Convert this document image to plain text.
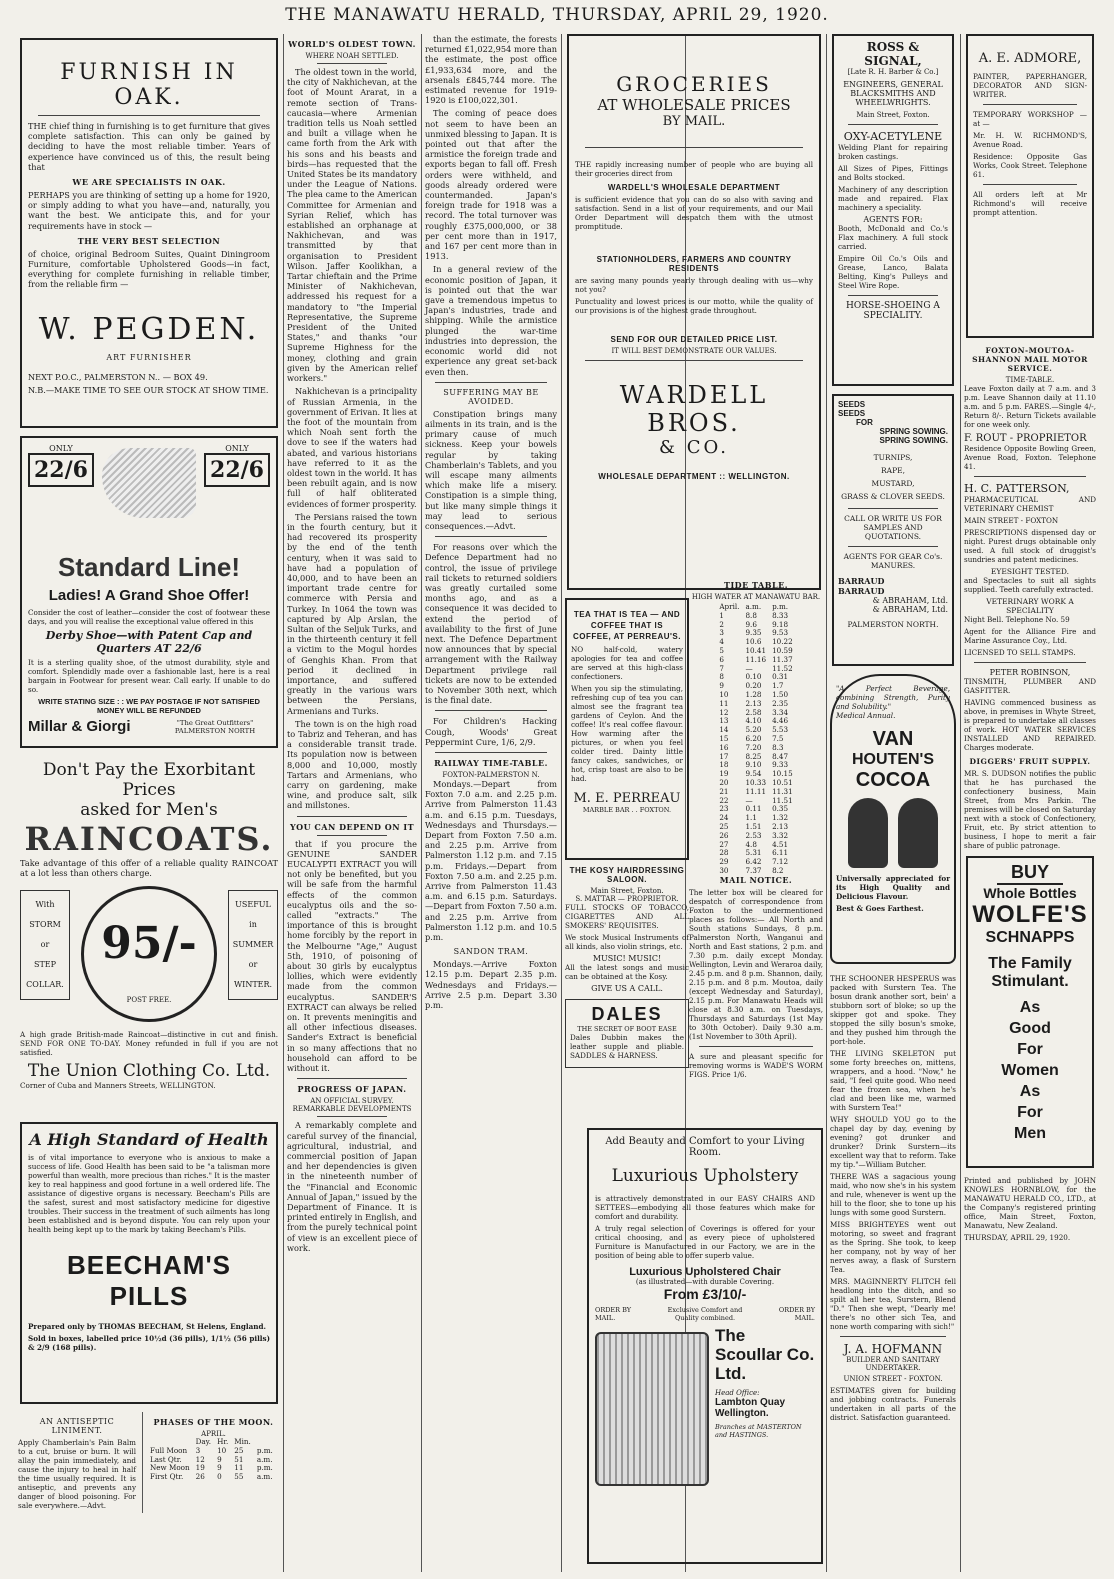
THE MANAWATU HERALD, THURSDAY, APRIL 29, 1920.
FURNISH IN OAK.

THE chief thing in furnishing is to get furniture that gives complete satisfaction. This can only be gained by deciding to have the most reliable timber. Years of experience have convinced us of this, the result being that

WE ARE SPECIALISTS IN OAK.

PERHAPS you are thinking of setting up a home for 1920, or simply adding to what you have—and, naturally, you want the best. We anticipate this, and for your requirements have in stock —

THE VERY BEST SELECTION

of choice, original Bedroom Suites, Quaint Diningroom Furniture, comfortable Upholstered Goods—in fact, everything for complete furnishing in reliable timber, from the reliable firm —

W. PEGDEN.
ART FURNISHER

NEXT P.O.C., PALMERSTON N.. — BOX 49.

N.B.—MAKE TIME TO SEE OUR STOCK AT SHOW TIME.

ONLY
22/6
ONLY
22/6
Standard Line!
Ladies! A Grand Shoe Offer!

Consider the cost of leather—consider the cost of footwear these days, and you will realise the exceptional value offered in this

Derby Shoe—with Patent Cap and Quarters AT 22/6

It is a sterling quality shoe, of the utmost durability, style and comfort. Splendidly made over a fashionable last, here is a real bargain in Footwear for present wear. Call early. If unable to do so.

WRITE STATING SIZE : : WE PAY POSTAGE IF NOT SATISFIED MONEY WILL BE REFUNDED

Millar & Giorgi	"The Great Outfitters" PALMERSTON NORTH
Don't Pay the Exorbitant Prices
asked for Men's
RAINCOATS.

Take advantage of this offer of a reliable quality RAINCOAT at a lot less than others charge.

With
STORM
or
STEP
COLLAR.
95/-
POST FREE.
USEFUL
in
SUMMER
or
WINTER.

A high grade British-made Raincoat—distinctive in cut and finish. SEND FOR ONE TO-DAY. Money refunded in full if you are not satisfied.

The Union Clothing Co. Ltd.

Corner of Cuba and Manners Streets, WELLINGTON.

A High Standard of Health

is of vital importance to everyone who is anxious to make a success of life. Good Health has been said to be "a talisman more powerful than wealth, more precious than riches." It is the master key to real happiness and good fortune in a well ordered life. The assistance of digestive organs is necessary. Beecham's Pills are the safest, surest and most satisfactory medicine for digestive troubles. Their success in the treatment of such ailments has long been established and is beyond dispute. You can rely upon your health being kept up to the mark by taking Beecham's Pills.

BEECHAM'S PILLS

Prepared only by THOMAS BEECHAM, St Helens, England.

Sold in boxes, labelled price 10½d (36 pills), 1/1½ (56 pills) & 2/9 (168 pills).

AN ANTISEPTIC LINIMENT.

Apply Chamberlain's Pain Balm to a cut, bruise or burn. It will allay the pain immediately, and cause the injury to heal in half the time usually required. It is antiseptic, and prevents any danger of blood poisoning. For sale everywhere.—Advt.

PHASES OF THE MOON.
APRIL.
	Day.	Hr.	Min.	
Full Moon	3	10	25	p.m.
Last Qtr.	12	9	51	a.m.
New Moon	19	9	11	p.m.
First Qtr.	26	0	55	a.m.
WORLD'S OLDEST TOWN.
WHERE NOAH SETTLED.

The oldest town in the world, the city of Nakhichevan, at the foot of Mount Ararat, in a remote section of Trans-caucasia—where Armenian tradition tells us Noah settled and built a village when he came forth from the Ark with his sons and his beasts and birds—has requested that the United States be its mandatory under the League of Nations. The plea came to the American Committee for Armenian and Syrian Relief, which has established an orphanage at Nakhichevan, and was transmitted by that organisation to President Wilson. Jaffer Koolikhan, a Tartar chieftain and the Prime Minister of Nakhichevan, addressed his request for a mandatory to "the Imperial Representative, the Supreme President of the United States," and thanks "our Supreme Highness for the money, clothing and grain given by the American relief workers."

Nakhichevan is a principality of Russian Armenia, in the government of Erivan. It lies at the foot of the mountain from which Noah sent forth the dove to see if the waters had abated, and various historians have referred to it as the oldest town in the world. It has been rebuilt again, and is now full of half obliterated evidences of former prosperity.

The Persians raised the town in the fourth century, but it had recovered its prosperity by the end of the tenth century, when it was said to have had a population of 40,000, and to have been an important trade centre for commerce with Persia and Turkey. In 1064 the town was captured by Alp Arslan, the Sultan of the Seljuk Turks, and in the thirteenth century it fell a victim to the Mogul hordes of Genghis Khan. From that period it declined in importance, and suffered greatly in the various wars between the Persians, Armenians and Turks.

The town is on the high road to Tabriz and Teheran, and has a considerable transit trade. Its population now is between 8,000 and 10,000, mostly Tartars and Armenians, who carry on gardening, make wine, and produce salt, silk and millstones.

YOU CAN DEPEND ON IT

that if you procure the GENUINE SANDER EUCALYPTI EXTRACT you will not only be benefited, but you will be safe from the harmful effects of the common eucalyptus oils and the so-called "extracts." The importance of this is brought home forcibly by the report in the Melbourne "Age," August 5th, 1910, of poisoning of about 30 girls by eucalyptus lollies, which were evidently made from the common eucalyptus. SANDER'S EXTRACT can always be relied on. It prevents meningitis and all other infectious diseases. Sander's Extract is beneficial in so many affections that no household can afford to be without it.

PROGRESS OF JAPAN.
AN OFFICIAL SURVEY.
REMARKABLE DEVELOPMENTS

A remarkably complete and careful survey of the financial, agricultural, industrial, and commercial position of Japan and her dependencies is given in the nineteenth number of the "Financial and Economic Annual of Japan," issued by the Department of Finance. It is printed entirely in English, and from the purely technical point of view is an excellent piece of work.

than the estimate, the forests returned £1,022,954 more than the estimate, the post office £1,933,634 more, and the arsenals £845,744 more. The estimated revenue for 1919-1920 is £100,022,301.

The coming of peace does not seem to have been an unmixed blessing to Japan. It is pointed out that after the armistice the foreign trade and exports began to fall off. Fresh orders were withheld, and goods already ordered were countermanded. Japan's foreign trade for 1918 was a record. The total turnover was roughly £375,000,000, or 38 per cent more than in 1917, and 167 per cent more than in 1913.

In a general review of the economic position of Japan, it is pointed out that the war gave a tremendous impetus to Japan's industries, trade and shipping. While the armistice plunged the war-time industries into depression, the economic world did not experience any great set-back even then.

SUFFERING MAY BE AVOIDED.

Constipation brings many ailments in its train, and is the primary cause of much sickness. Keep your bowels regular by taking Chamberlain's Tablets, and you will escape many ailments which make life a misery. Constipation is a simple thing, but like many simple things it may lead to serious consequences.—Advt.

For reasons over which the Defence Department had no control, the issue of privilege rail tickets to returned soldiers was greatly curtailed some months ago, and as a consequence it was decided to extend the period of availability to the first of June next. The Defence Department now announces that by special arrangement with the Railway Department privilege rail tickets are now to be extended to November 30th next, which is the final date.

For Children's Hacking Cough, Woods' Great Peppermint Cure, 1/6, 2/9.

RAILWAY TIME-TABLE.
FOXTON-PALMERSTON N.

Mondays.—Depart from Foxton 7.0 a.m. and 2.25 p.m. Arrive from Palmerston 11.43 a.m. and 6.15 p.m. Tuesdays, Wednesdays and Thursdays.—Depart from Foxton 7.50 a.m. and 2.25 p.m. Arrive from Palmerston 1.12 p.m. and 7.15 p.m. Fridays.—Depart from Foxton 7.50 a.m. and 2.25 p.m. Arrive from Palmerston 11.43 a.m. and 6.15 p.m. Saturdays.—Depart from Foxton 7.50 a.m. and 2.25 p.m. Arrive from Palmerston 1.12 p.m. and 10.5 p.m.

SANDON TRAM.

Mondays.—Arrive Foxton 12.15 p.m. Depart 2.35 p.m. Wednesdays and Fridays.—Arrive 2.5 p.m. Depart 3.30 p.m.

GROCERIES
AT WHOLESALE PRICES
BY MAIL.

THE rapidly increasing number of people who are buying all their groceries direct from

WARDELL'S WHOLESALE DEPARTMENT

is sufficient evidence that you can do so also with saving and satisfaction. Send in a list of your requirements, and our Mail Order Department will despatch them with the utmost promptitude.

STATIONHOLDERS, FARMERS AND COUNTRY RESIDENTS

are saving many pounds yearly through dealing with us—why not you?

Punctuality and lowest prices is our motto, while the quality of our provisions is of the highest grade throughout.

SEND FOR OUR DETAILED PRICE LIST.
IT WILL BEST DEMONSTRATE OUR VALUES.
WARDELL BROS.
& CO.
WHOLESALE DEPARTMENT :: WELLINGTON.
TEA THAT IS TEA — AND COFFEE THAT IS COFFEE, AT PERREAU'S.

NO half-cold, watery apologies for tea and coffee are served at this high-class confectioners.

When you sip the stimulating, refreshing cup of tea you can almost see the fragrant tea gardens of Ceylon. And the coffee! It's real coffee flavour. How warming after the pictures, or when you feel colder tired. Dainty little fancy cakes, sandwiches, or hot, crisp toast are also to be had.

M. E. PERREAU
MARBLE BAR . . FOXTON.
THE KOSY HAIRDRESSING SALOON.
Main Street, Foxton.
S. MATTAR — PROPRIETOR.

FULL STOCKS OF TOBACCO, CIGARETTES AND ALL SMOKERS' REQUISITES.

We stock Musical Instruments of all kinds, also violin strings, etc.

MUSIC! MUSIC!

All the latest songs and music can be obtained at the Kosy.

GIVE US A CALL.
DALES
THE SECRET OF BOOT EASE

Dales Dubbin makes the leather supple and pliable. SADDLES & HARNESS.

TIDE TABLE.
HIGH WATER AT MANAWATU BAR.
April.	a.m.	p.m.
1	8.8	8.33
2	9.6	9.18
3	9.35	9.53
4	10.6	10.22
5	10.41	10.59
6	11.16	11.37
7	—	11.52
8	0.10	0.31
9	0.20	1.7
10	1.28	1.50
11	2.13	2.35
12	2.58	3.34
13	4.10	4.46
14	5.20	5.53
15	6.20	7.5
16	7.20	8.3
17	8.25	8.47
18	9.10	9.33
19	9.54	10.15
20	10.33	10.51
21	11.11	11.31
22	—	11.51
23	0.11	0.35
24	1.1	1.32
25	1.51	2.13
26	2.53	3.32
27	4.8	4.51
28	5.31	6.11
29	6.42	7.12
30	7.37	8.2
MAIL NOTICE.

The letter box will be cleared for despatch of correspondence from Foxton to the undermentioned places as follows:— All North and South stations Sundays, 8 p.m. Palmerston North, Wanganui and North and East stations, 2 p.m. and 7.30 p.m. daily except Monday. Wellington, Levin and Weraroa daily, 2.45 p.m. and 8 p.m. Shannon, daily, 2.15 p.m. and 8 p.m. Moutoa, daily (except Wednesday and Saturday), 2.15 p.m. For Manawatu Heads will close at 8.30 a.m. on Tuesdays, Thursdays and Saturdays (1st May to 30th October). Daily 9.30 a.m. (1st November to 30th April).

A sure and pleasant specific for removing worms is WADE'S WORM FIGS. Price 1/6.

Add Beauty and Comfort to your Living Room.
Luxurious Upholstery

is attractively demonstrated in our EASY CHAIRS AND SETTEES—embodying all those features which make for comfort and durability.

A truly regal selection of Coverings is offered for your critical choosing, and as every piece of upholstered Furniture is Manufactured in our Factory, we are in the position of being able to offer superb value.

Luxurious Upholstered Chair
(as illustrated—with durable Covering.
From £3/10/-
ORDER BY MAIL.
Exclusive Comfort and Quality combined.
ORDER BY MAIL.
The Scoullar Co. Ltd.
Head Office:
Lambton Quay Wellington.
Branches at MASTERTON and HASTINGS.
ROSS & SIGNAL,
[Late R. H. Barber & Co.]
ENGINEERS, GENERAL BLACKSMITHS AND WHEELWRIGHTS.
Main Street, Foxton.
OXY-ACETYLENE

Welding Plant for repairing broken castings.

All Sizes of Pipes, Fittings and Bolts stocked.

Machinery of any description made and repaired. Flax machinery a speciality.

AGENTS FOR:

Booth, McDonald and Co.'s Flax machinery. A full stock carried.

Empire Oil Co.'s Oils and Grease, Lanco, Balata Belting, King's Pulleys and Steel Wire Rope.

HORSE-SHOEING A SPECIALITY.
SEEDS
SEEDS
FOR
SPRING SOWING.
SPRING SOWING.
TURNIPS,
RAPE,
MUSTARD,
GRASS & CLOVER SEEDS.
CALL OR WRITE US FOR SAMPLES AND QUOTATIONS.
AGENTS FOR GEAR Co's. MANURES.
BARRAUD
BARRAUD
& ABRAHAM, Ltd.
& ABRAHAM, Ltd.
PALMERSTON NORTH.
"A Perfect Beverage, combining Strength, Purity and Solubility."
Medical Annual.
VAN
HOUTEN'S
COCOA

Universally appreciated for its High Quality and Delicious Flavour.

Best & Goes Farthest.

THE SCHOONER HESPERUS was packed with Surstern Tea. The bosun drank another sort, bein' a stubborn sort of bloke; so up the skipper got and spoke. They stopped the silly bosun's smoke, and they pushed him through the port-hole.

THE LIVING SKELETON put some forty breeches on, mittens, wrappers, and a hood. "Now," he said, "I feel quite good. Who need fear the frozen sea, when he's clad and been like me, warmed with Surstern Tea!"

WHY SHOULD YOU go to the chapel day by day, evening by evening? got drunker and drunker? Drink Surstern—its excellent way that to reform. Take my tip."—William Butcher.

THERE WAS a sagacious young maid, who now she's in his system and rule, whenever is went up the hill to the floor, she to tone up his lungs with some good Surstern.

MISS BRIGHTEYES went out motoring, so sweet and fragrant as the Spring. She took, to keep her company, not by way of her nerves away, a flask of Surstern Tea.

MRS. MAGINNERTY FLITCH fell headlong into the ditch, and so spilt all her tea, Surstern, Blend "D." Then she wept, "Dearly me! there's no other sich Tea, and none worth comparing with sich!"

J. A. HOFMANN
BUILDER AND SANITARY UNDERTAKER.
UNION STREET - FOXTON.

ESTIMATES given for building and jobbing contracts. Funerals undertaken in all parts of the district. Satisfaction guaranteed.

A. E. ADMORE,

PAINTER, PAPERHANGER, DECORATOR AND SIGN-WRITER.

TEMPORARY WORKSHOP — at —

Mr. H. W. RICHMOND'S, Avenue Road.

Residence: Opposite Gas Works, Cook Street. Telephone 61.

All orders left at Mr Richmond's will receive prompt attention.

FOXTON-MOUTOA-SHANNON MAIL MOTOR SERVICE.
TIME-TABLE.

Leave Foxton daily at 7 a.m. and 3 p.m. Leave Shannon daily at 11.10 a.m. and 5 p.m. FARES.—Single 4/-, Return 8/-. Return Tickets available for one week only.

F. ROUT - PROPRIETOR

Residence Opposite Bowling Green, Avenue Road, Foxton. Telephone 41.

H. C. PATTERSON,

PHARMACEUTICAL AND VETERINARY CHEMIST

MAIN STREET - FOXTON

PRESCRIPTIONS dispensed day or night. Purest drugs obtainable only used. A full stock of druggist's sundries and patent medicines.

EYESIGHT TESTED.

and Spectacles to suit all sights supplied. Teeth carefully extracted.

VETERINARY WORK A SPECIALITY

Night Bell. Telephone No. 59

Agent for the Alliance Fire and Marine Assurance Coy., Ltd.

LICENSED TO SELL STAMPS.

PETER ROBINSON,

TINSMITH, PLUMBER AND GASFITTER.

HAVING commenced business as above, in premises in Whyte Street, is prepared to undertake all classes of work. HOT WATER SERVICES INSTALLED AND REPAIRED. Charges moderate.

DIGGERS' FRUIT SUPPLY.

MR. S. DUDSON notifies the public that he has purchased the confectionery business, Main Street, from Mrs Parkin. The premises will be closed on Saturday next with a stock of Confectionery, Fruit, etc. By strict attention to business, I hope to merit a fair share of public patronage.

BUY
Whole Bottles
WOLFE'S
SCHNAPPS
The Family
Stimulant.
As
Good
For
Women
As
For
Men

Printed and published by JOHN KNOWLES HORNBLOW, for the MANAWATU HERALD CO., LTD., at the Company's registered printing office, Main Street, Foxton, Manawatu, New Zealand.

THURSDAY, APRIL 29, 1920.
